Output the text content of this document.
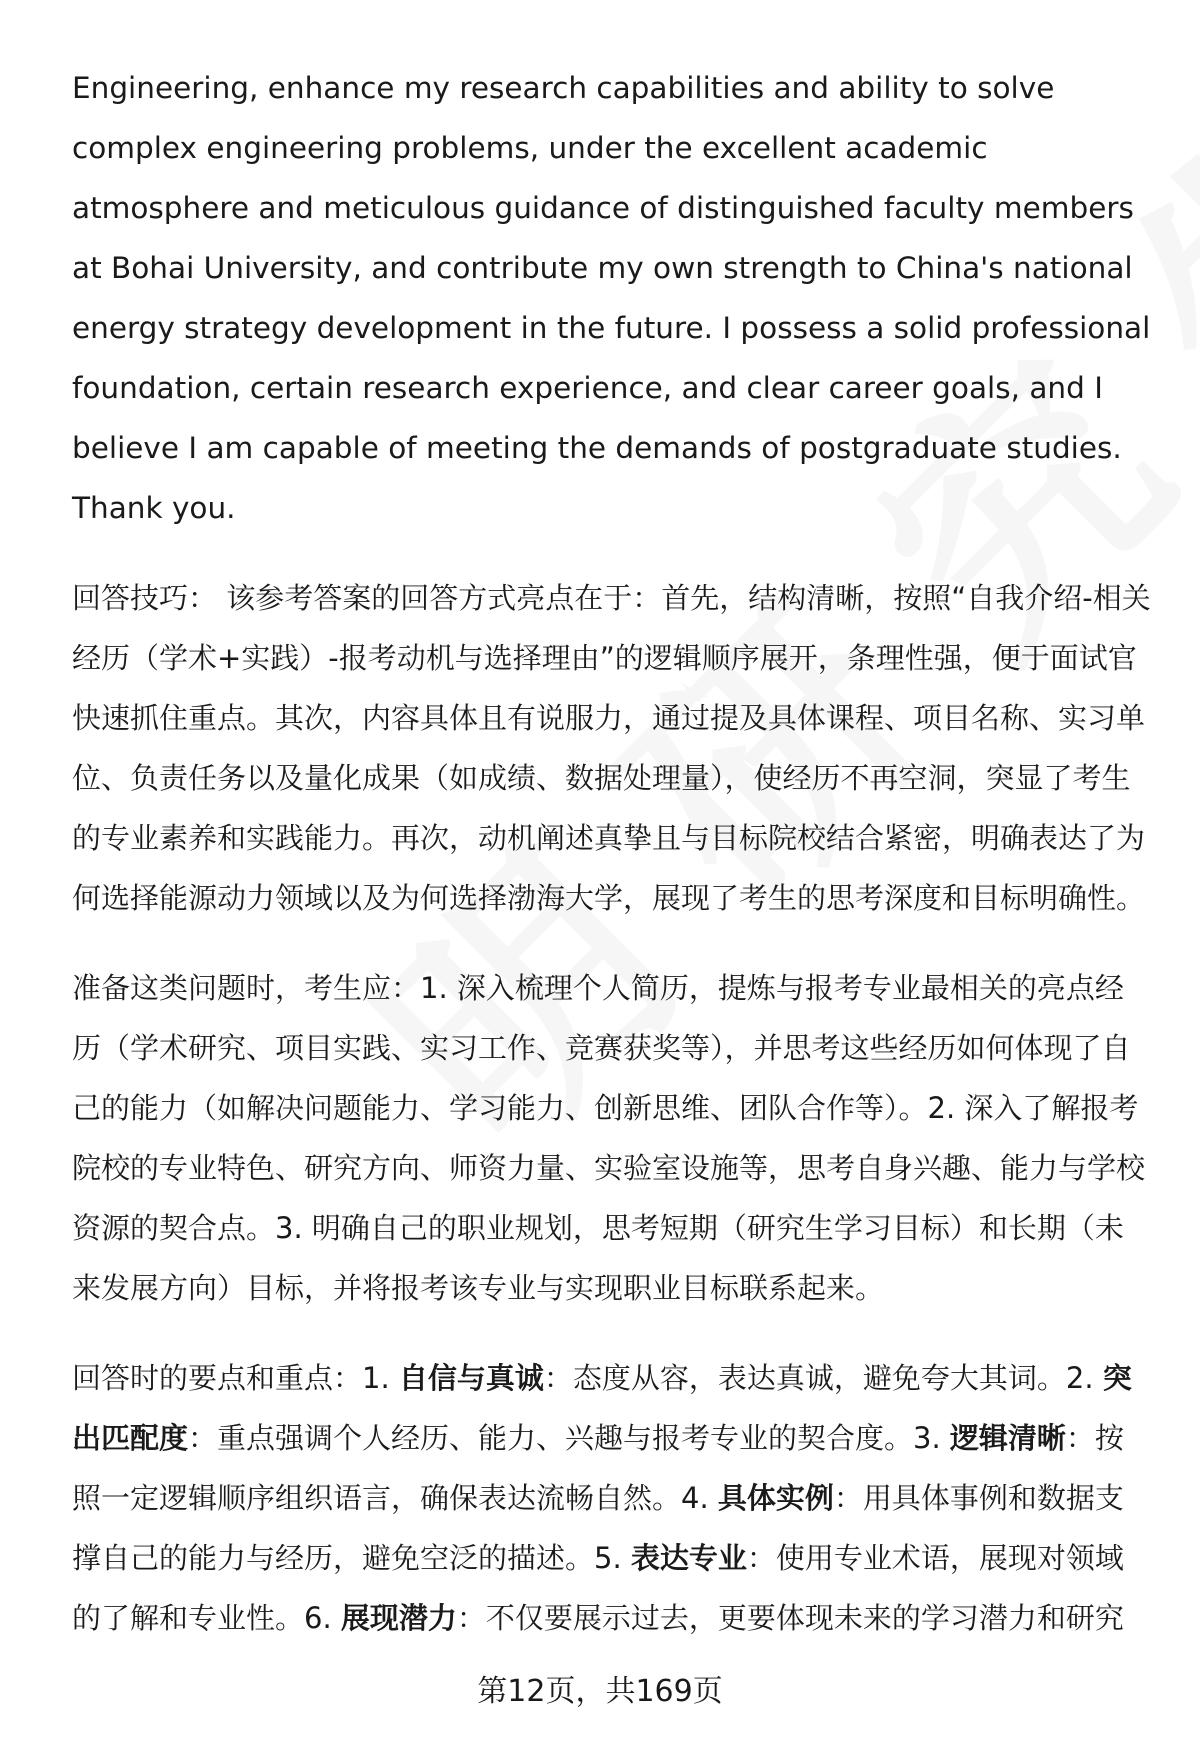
Engineering, enhance my research capabilities and ability to solve complex engineering problems, under the excellent academic atmosphere and meticulous guidance of distinguished faculty members at Bohai University, and contribute my own strength to China's national energy strategy development in the future. I possess a solid professional foundation, certain research experience, and clear career goals, and I believe I am capable of meeting the demands of postgraduate studies. Thank you.

回答技巧： 该参考答案的回答方式亮点在于：首先，结构清晰，按照“自我介绍-相关经历（学术+实践）-报考动机与选择理由”的逻辑顺序展开，条理性强，便于面试官快速抓住重点。其次，内容具体且有说服力，通过提及具体课程、项目名称、实习单位、负责任务以及量化成果（如成绩、数据处理量），使经历不再空洞，突显了考生的专业素养和实践能力。再次，动机阐述真挚且与目标院校结合紧密，明确表达了为何选择能源动力领域以及为何选择渤海大学，展现了考生的思考深度和目标明确性。

准备这类问题时，考生应：1. 深入梳理个人简历，提炼与报考专业最相关的亮点经历（学术研究、项目实践、实习工作、竞赛获奖等），并思考这些经历如何体现了自己的能力（如解决问题能力、学习能力、创新思维、团队合作等）。2. 深入了解报考院校的专业特色、研究方向、师资力量、实验室设施等，思考自身兴趣、能力与学校资源的契合点。3. 明确自己的职业规划，思考短期（研究生学习目标）和长期（未来发展方向）目标，并将报考该专业与实现职业目标联系起来。

回答时的要点和重点：1. 自信与真诚：态度从容，表达真诚，避免夸大其词。2. 突出匹配度：重点强调个人经历、能力、兴趣与报考专业的契合度。3. 逻辑清晰：按照一定逻辑顺序组织语言，确保表达流畅自然。4. 具体实例：用具体事例和数据支撑自己的能力与经历，避免空泛的描述。5. 表达专业：使用专业术语，展现对领域的了解和专业性。6. 展现潜力：不仅要展示过去，更要体现未来的学习潜力和研究

第12页，共169页
